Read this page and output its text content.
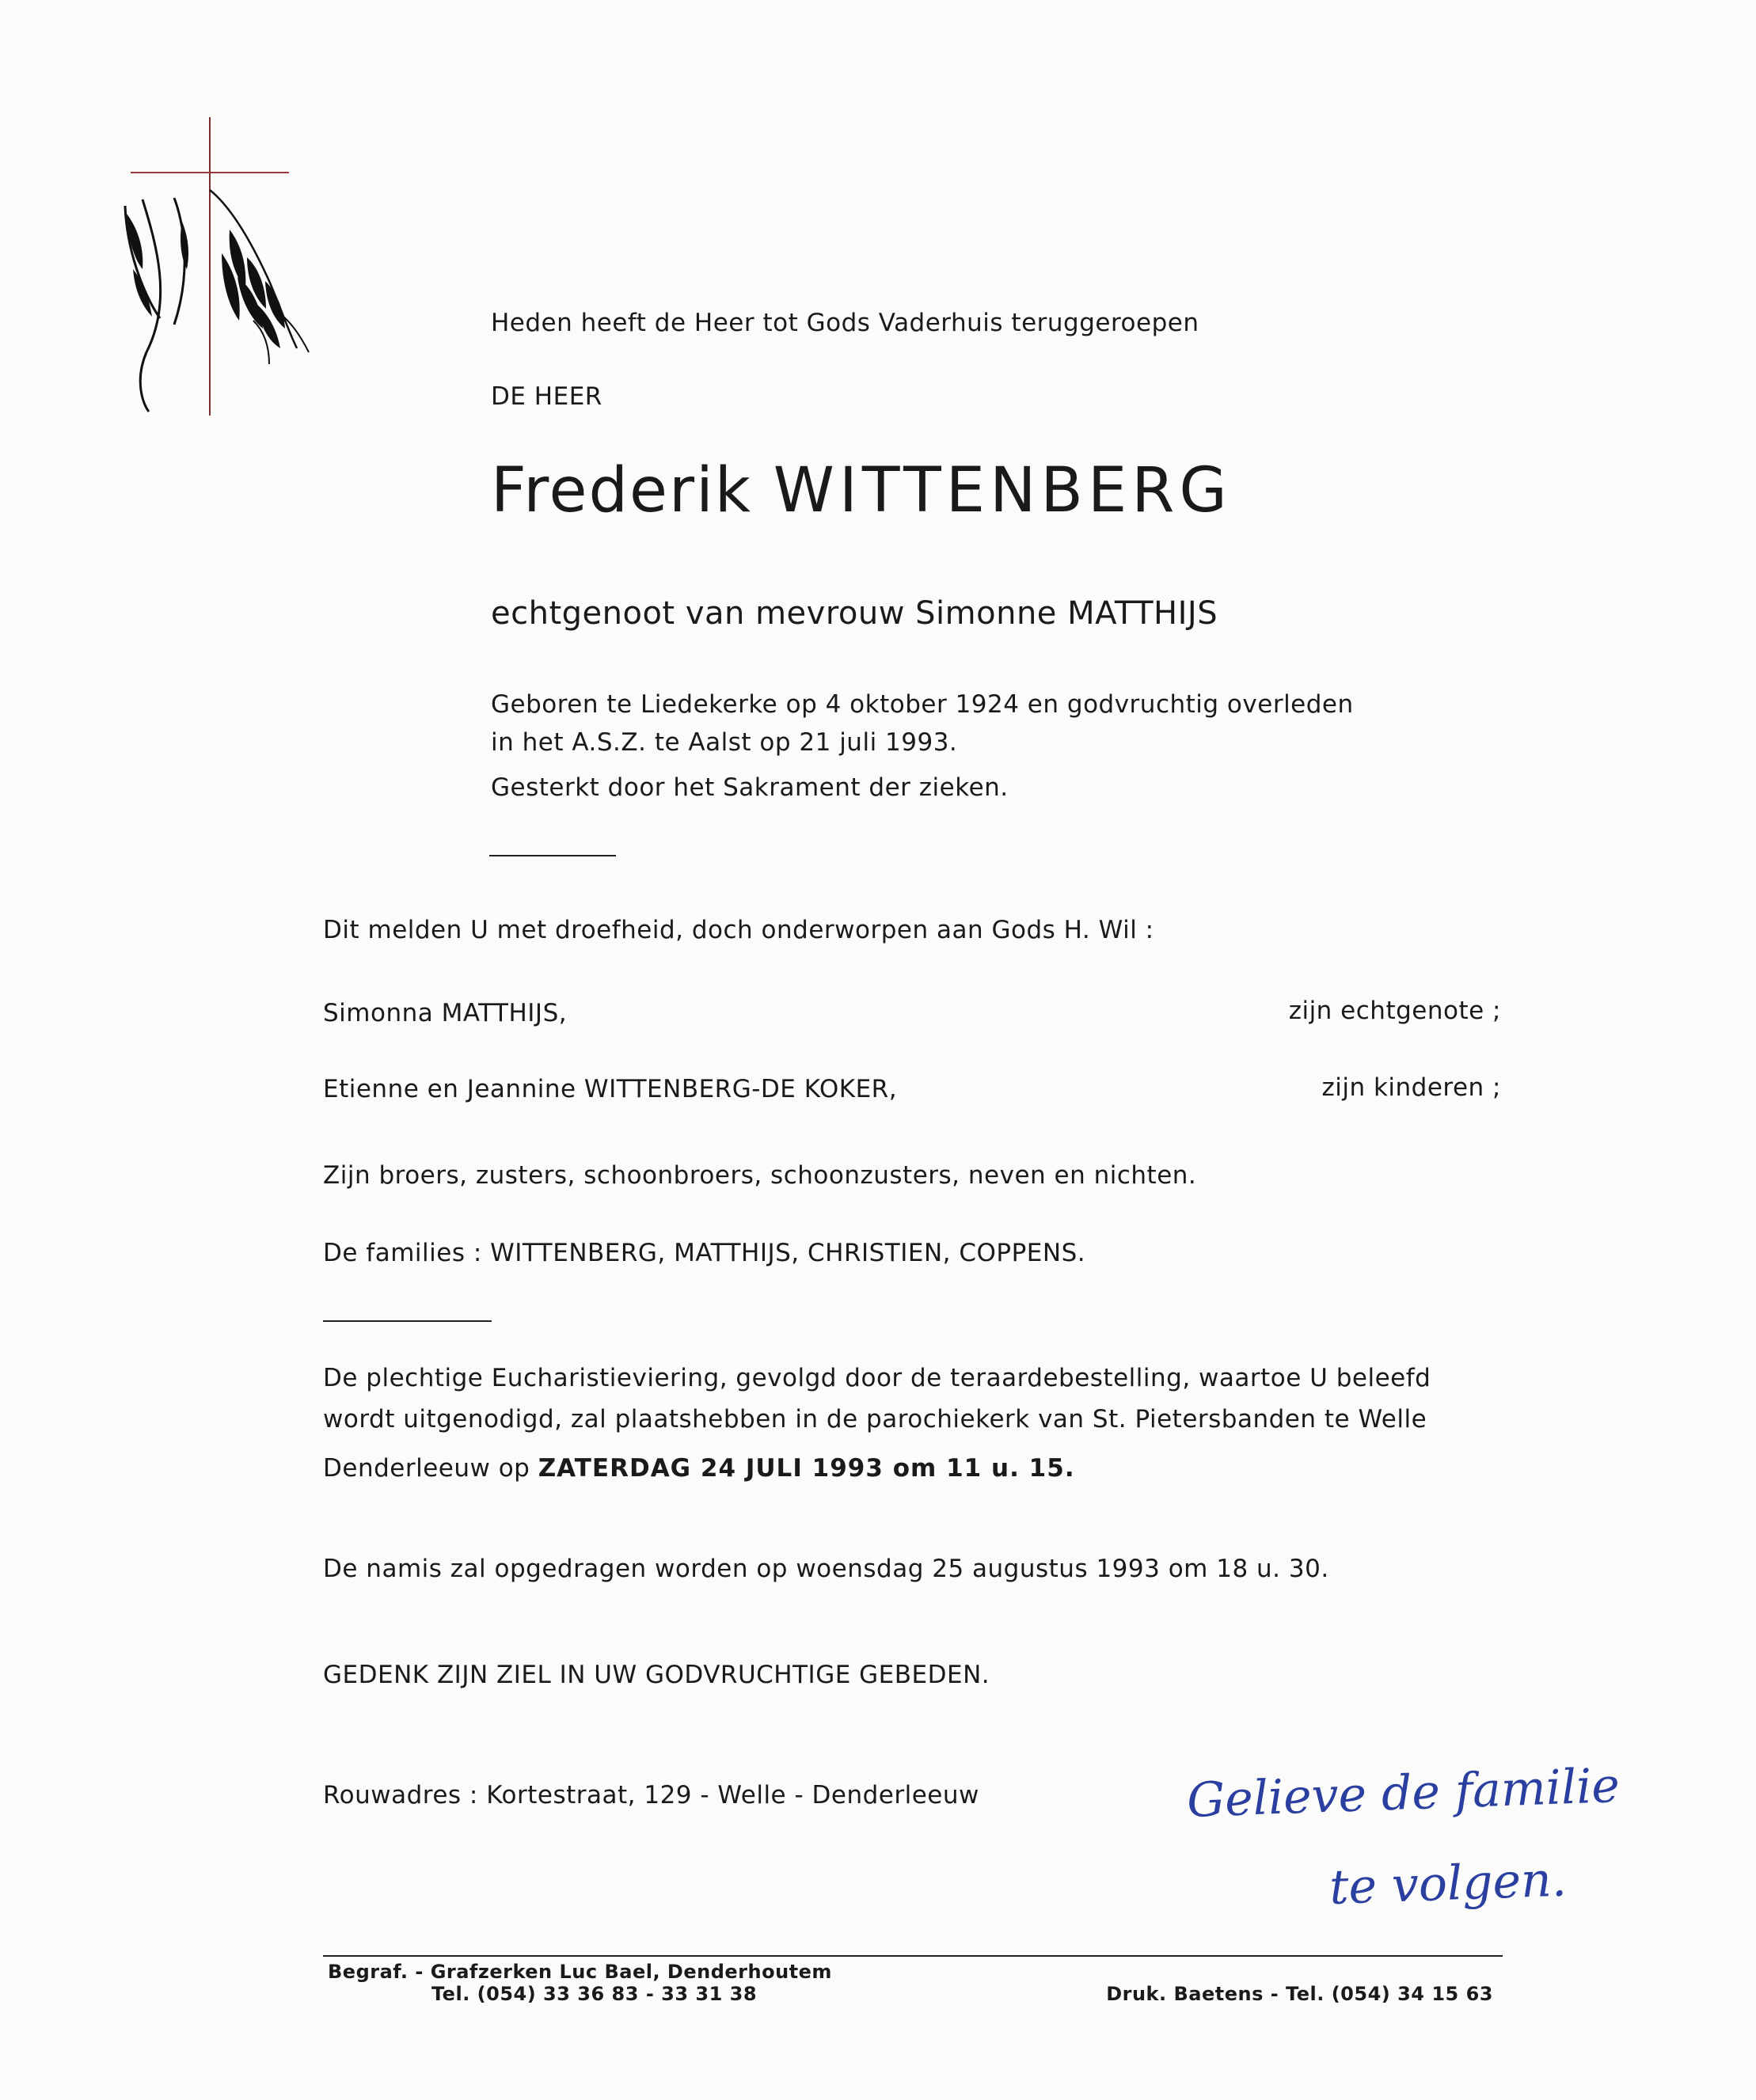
Heden heeft de Heer tot Gods Vaderhuis teruggeroepen
DE HEER
Frederik WITTENBERG
echtgenoot van mevrouw Simonne MATTHIJS
Geboren te Liedekerke op 4 oktober 1924 en godvruchtig overleden
in het A.S.Z. te Aalst op 21 juli 1993.
Gesterkt door het Sakrament der zieken.
Dit melden U met droefheid, doch onderworpen aan Gods H. Wil :
Simonna MATTHIJS,	zijn echtgenote ;
Etienne en Jeannine WITTENBERG-DE KOKER,	zijn kinderen ;
Zijn broers, zusters, schoonbroers, schoonzusters, neven en nichten.
De families : WITTENBERG, MATTHIJS, CHRISTIEN, COPPENS.
De plechtige Eucharistieviering, gevolgd door de teraardebestelling, waartoe U beleefd
wordt uitgenodigd, zal plaatshebben in de parochiekerk van St. Pietersbanden te Welle
Denderleeuw op ZATERDAG 24 JULI 1993 om 11 u. 15.
De namis zal opgedragen worden op woensdag 25 augustus 1993 om 18 u. 30.
GEDENK ZIJN ZIEL IN UW GODVRUCHTIGE GEBEDEN.
Rouwadres : Kortestraat, 129 - Welle - Denderleeuw	Gelieve de familie
te volgen.
Begraf. - Grafzerken Luc Bael, Denderhoutem
Tel. (054) 33 36 83 - 33 31 38	Druk. Baetens - Tel. (054) 34 15 63
